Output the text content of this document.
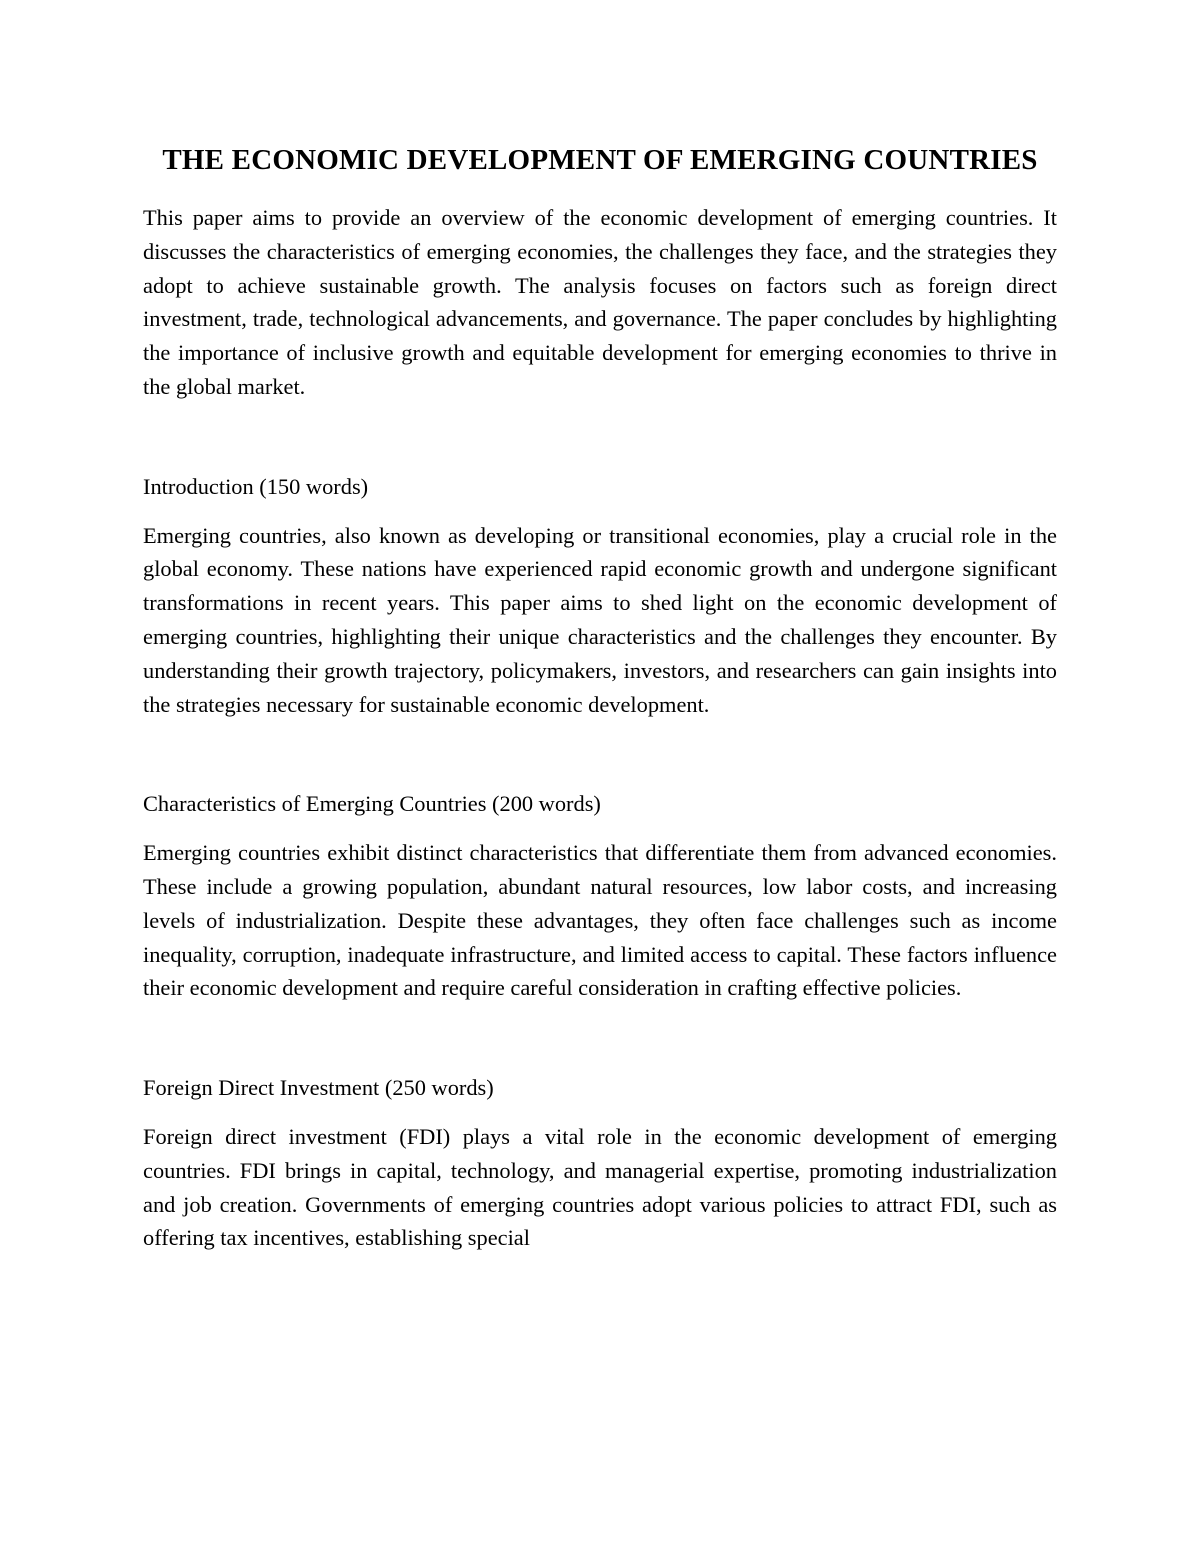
THE ECONOMIC DEVELOPMENT OF EMERGING COUNTRIES

This paper aims to provide an overview of the economic development of emerging countries. It discusses the characteristics of emerging economies, the challenges they face, and the strategies they adopt to achieve sustainable growth. The analysis focuses on factors such as foreign direct investment, trade, technological advancements, and governance. The paper concludes by highlighting the importance of inclusive growth and equitable development for emerging economies to thrive in the global market.

Introduction (150 words)

Emerging countries, also known as developing or transitional economies, play a crucial role in the global economy. These nations have experienced rapid economic growth and undergone significant transformations in recent years. This paper aims to shed light on the economic development of emerging countries, highlighting their unique characteristics and the challenges they encounter. By understanding their growth trajectory, policymakers, investors, and researchers can gain insights into the strategies necessary for sustainable economic development.

Characteristics of Emerging Countries (200 words)

Emerging countries exhibit distinct characteristics that differentiate them from advanced economies. These include a growing population, abundant natural resources, low labor costs, and increasing levels of industrialization. Despite these advantages, they often face challenges such as income inequality, corruption, inadequate infrastructure, and limited access to capital. These factors influence their economic development and require careful consideration in crafting effective policies.

Foreign Direct Investment (250 words)

Foreign direct investment (FDI) plays a vital role in the economic development of emerging countries. FDI brings in capital, technology, and managerial expertise, promoting industrialization and job creation. Governments of emerging countries adopt various policies to attract FDI, such as offering tax incentives, establishing special
